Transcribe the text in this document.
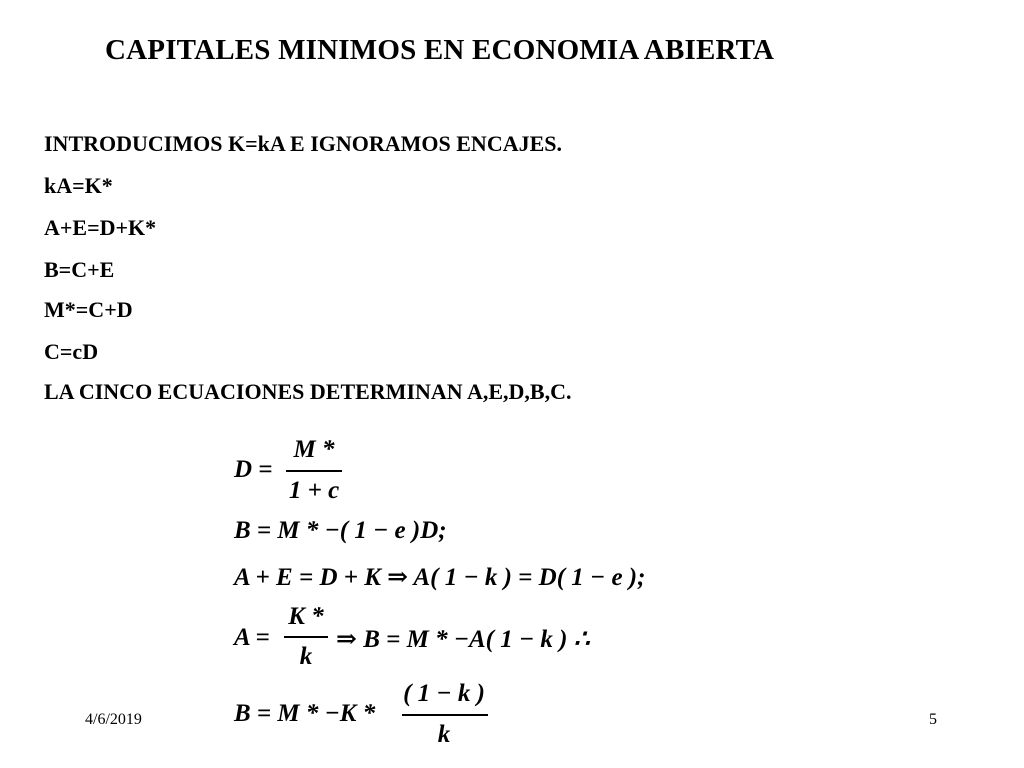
CAPITALES MINIMOS EN ECONOMIA ABIERTA
INTRODUCIMOS K=kA E IGNORAMOS ENCAJES.
kA=K*
A+E=D+K*
B=C+E
M*=C+D
C=cD
LA CINCO ECUACIONES DETERMINAN A,E,D,B,C.
D =
M *
1 + c
B = M * −( 1 − e )D;
A + E = D + K ⇒ A( 1 − k ) = D( 1 − e );
A =
K *
k
⇒ B = M * −A( 1 − k ) ∴
B = M * −K *
( 1 − k )
k
4/6/2019	5
